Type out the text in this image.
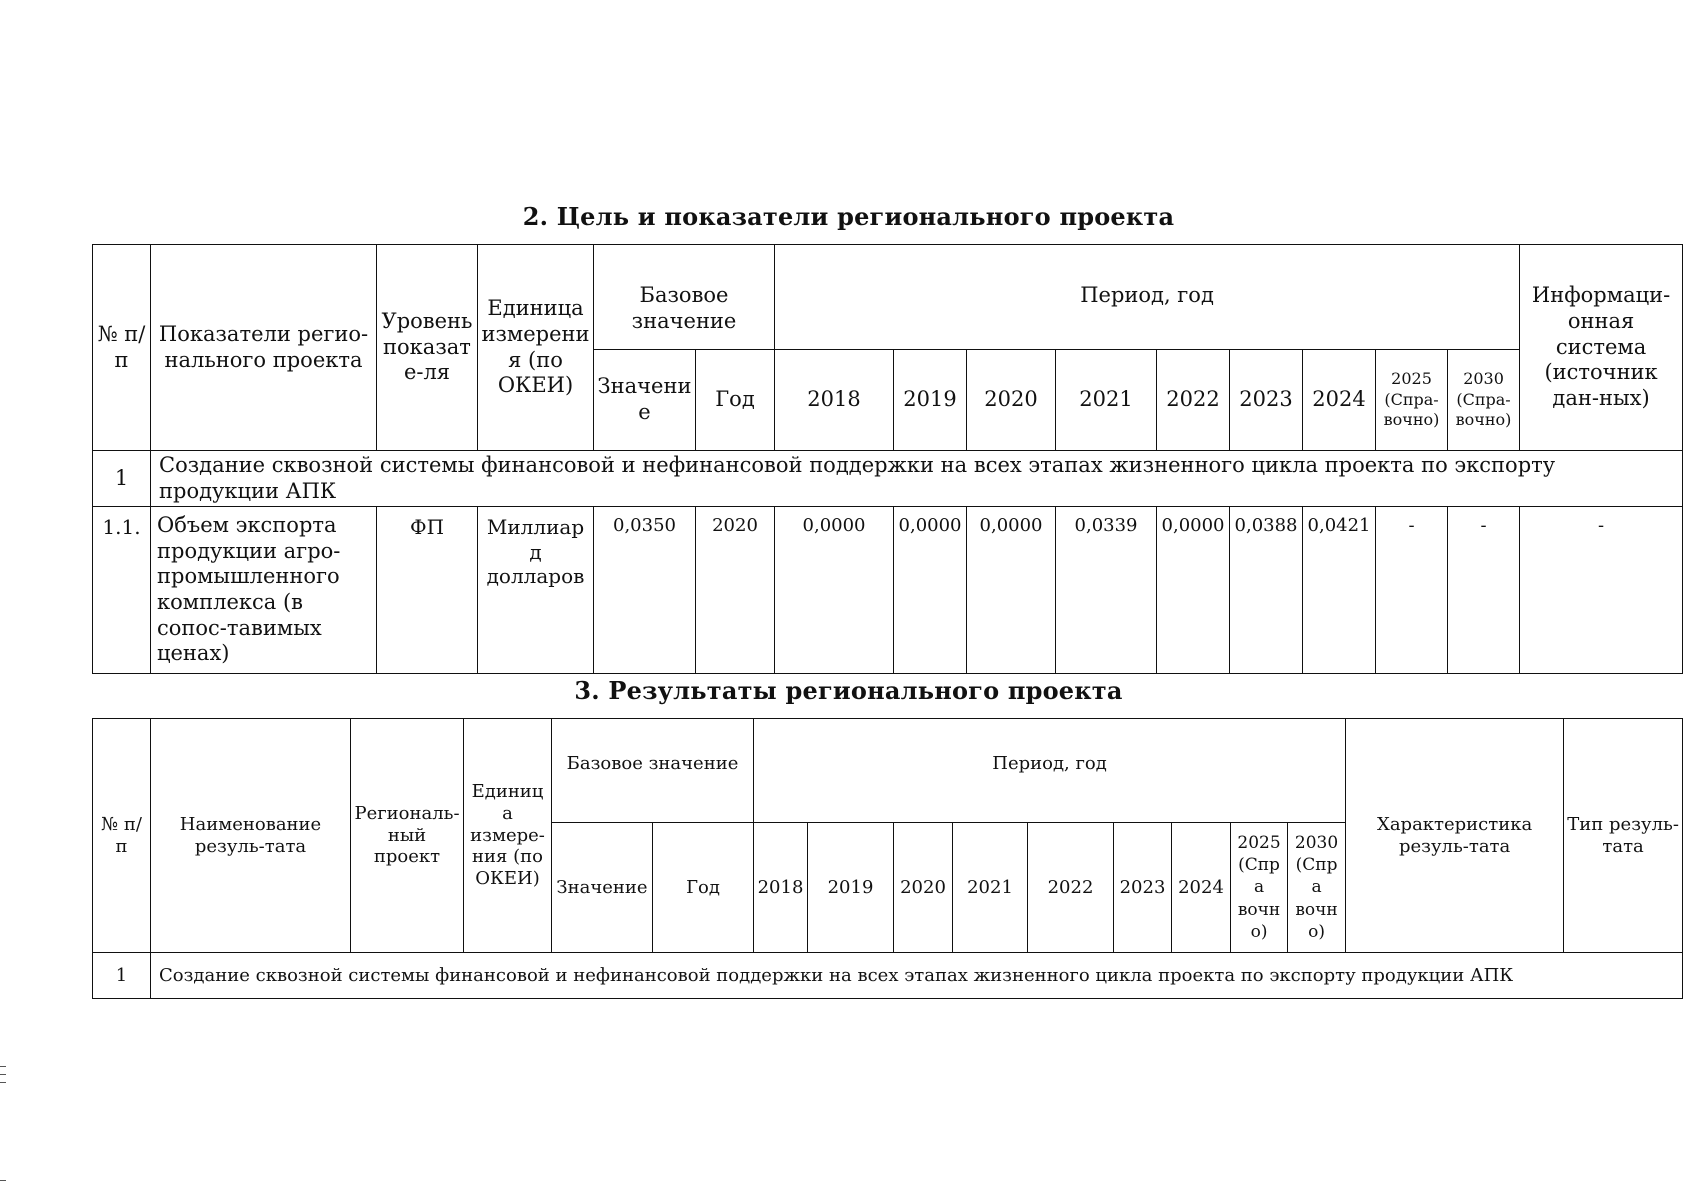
2. Цель и показатели регионального проекта
№ п/п	Показатели регио-нального проекта	Уровень показате-ля	Единица измерения (по ОКЕИ)	Базовое значение		Период, год									Информаци-онная система (источник дан-ных)
				Значение	Год	2018	2019	2020	2021	2022	2023	2024	2025 (Спра-вочно)	2030 (Спра-вочно)	
1	Создание сквозной системы финансовой и нефинансовой поддержки на всех этапах жизненного цикла проекта по экспорту продукции АПК														
1.1.	Объем экспорта продукции агро-промышленного комплекса (в сопос-тавимых ценах)	ФП	Миллиард долларов	0,0350	2020	0,0000	0,0000	0,0000	0,0339	0,0000	0,0388	0,0421	-	-	-
3. Результаты регионального проекта
№ п/п	Наименование резуль-тата	Региональ-ный проект	Единица измере-ния (по ОКЕИ)	Базовое значение		Период, год									Характеристика резуль-тата	Тип резуль-тата
				Значение	Год	2018	2019	2020	2021	2022	2023	2024	2025 (Спра вочно)	2030 (Спра вочно)		
1	Создание сквозной системы финансовой и нефинансовой поддержки на всех этапах жизненного цикла проекта по экспорту продукции АПК															
